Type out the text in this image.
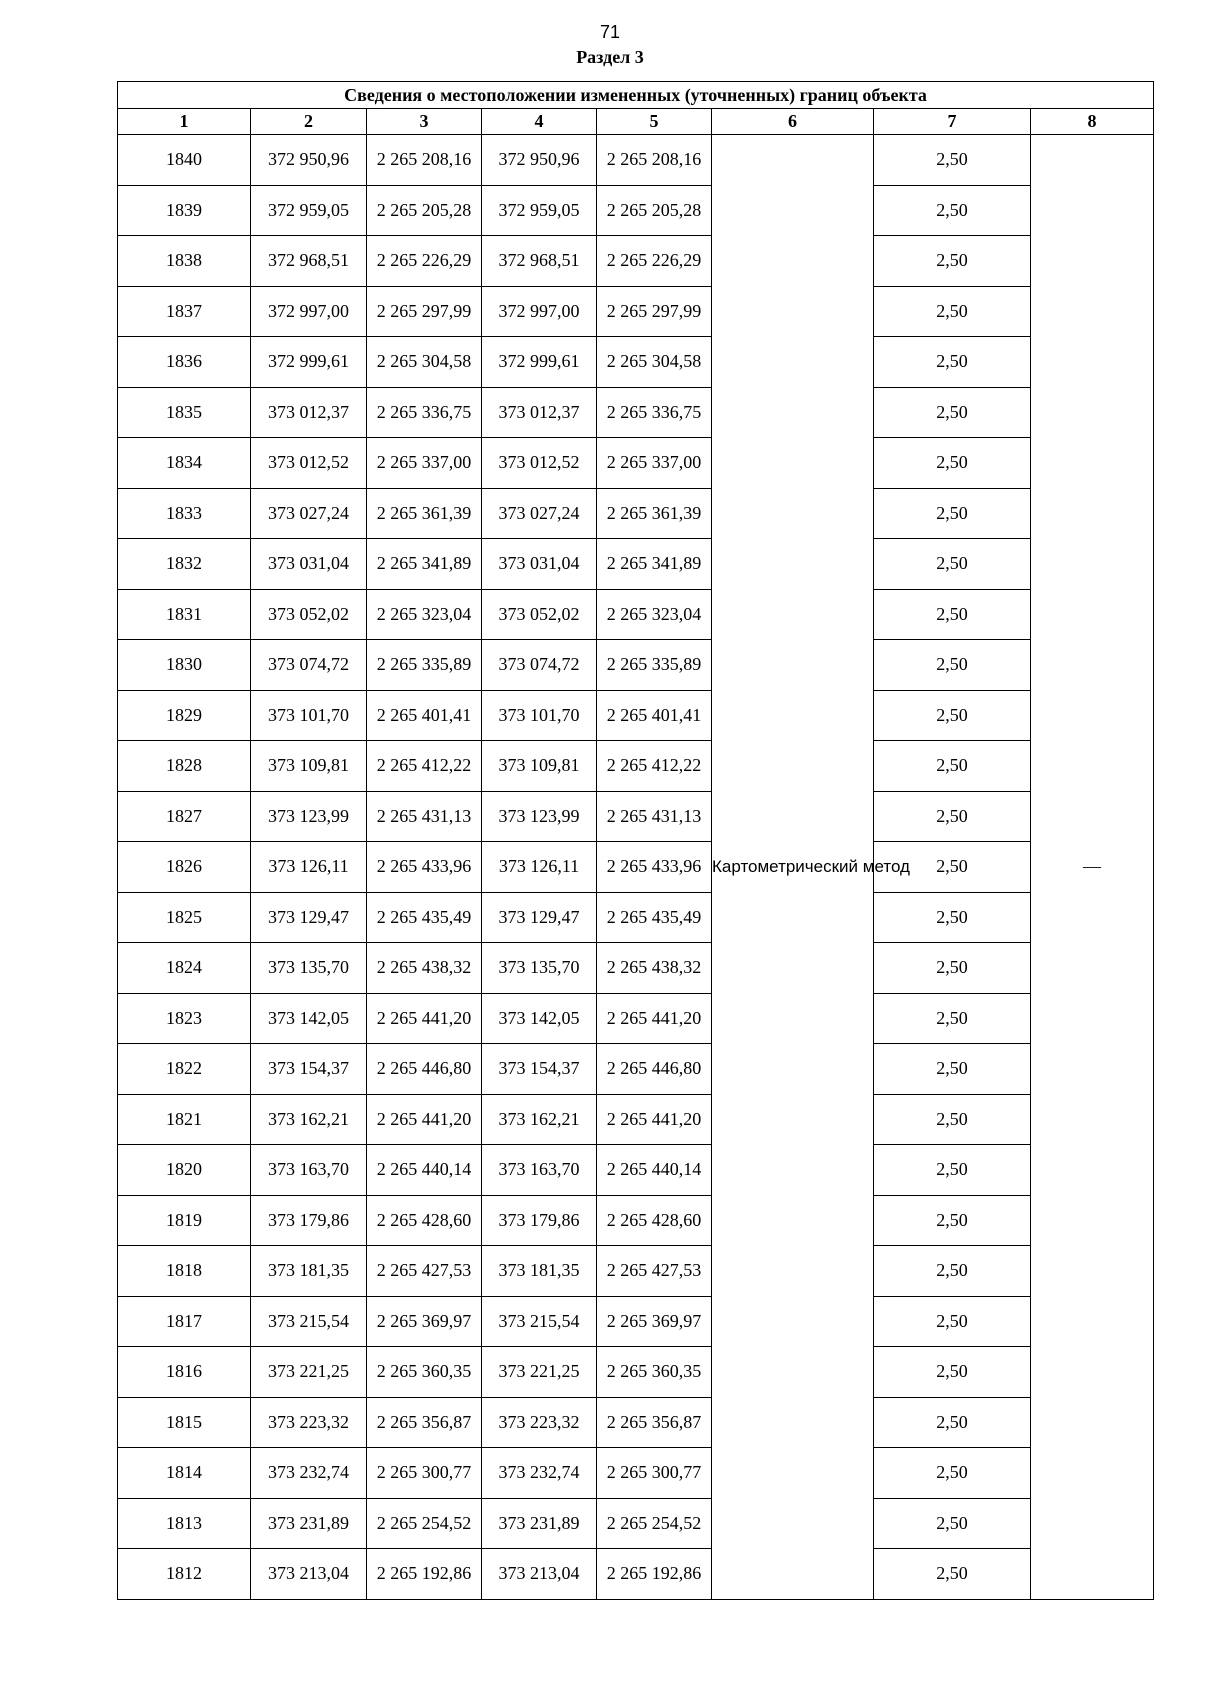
71
Раздел 3
Сведения о местоположении измененных (уточненных) границ объекта							
1	2	3	4	5	6	7	8
1840	372 950,96	2 265 208,16	372 950,96	2 265 208,16	Картометрический метод	2,50	—
1839	372 959,05	2 265 205,28	372 959,05	2 265 205,28		2,50	
1838	372 968,51	2 265 226,29	372 968,51	2 265 226,29		2,50	
1837	372 997,00	2 265 297,99	372 997,00	2 265 297,99		2,50	
1836	372 999,61	2 265 304,58	372 999,61	2 265 304,58		2,50	
1835	373 012,37	2 265 336,75	373 012,37	2 265 336,75		2,50	
1834	373 012,52	2 265 337,00	373 012,52	2 265 337,00		2,50	
1833	373 027,24	2 265 361,39	373 027,24	2 265 361,39		2,50	
1832	373 031,04	2 265 341,89	373 031,04	2 265 341,89		2,50	
1831	373 052,02	2 265 323,04	373 052,02	2 265 323,04		2,50	
1830	373 074,72	2 265 335,89	373 074,72	2 265 335,89		2,50	
1829	373 101,70	2 265 401,41	373 101,70	2 265 401,41		2,50	
1828	373 109,81	2 265 412,22	373 109,81	2 265 412,22		2,50	
1827	373 123,99	2 265 431,13	373 123,99	2 265 431,13		2,50	
1826	373 126,11	2 265 433,96	373 126,11	2 265 433,96		2,50	
1825	373 129,47	2 265 435,49	373 129,47	2 265 435,49		2,50	
1824	373 135,70	2 265 438,32	373 135,70	2 265 438,32		2,50	
1823	373 142,05	2 265 441,20	373 142,05	2 265 441,20		2,50	
1822	373 154,37	2 265 446,80	373 154,37	2 265 446,80		2,50	
1821	373 162,21	2 265 441,20	373 162,21	2 265 441,20		2,50	
1820	373 163,70	2 265 440,14	373 163,70	2 265 440,14		2,50	
1819	373 179,86	2 265 428,60	373 179,86	2 265 428,60		2,50	
1818	373 181,35	2 265 427,53	373 181,35	2 265 427,53		2,50	
1817	373 215,54	2 265 369,97	373 215,54	2 265 369,97		2,50	
1816	373 221,25	2 265 360,35	373 221,25	2 265 360,35		2,50	
1815	373 223,32	2 265 356,87	373 223,32	2 265 356,87		2,50	
1814	373 232,74	2 265 300,77	373 232,74	2 265 300,77		2,50	
1813	373 231,89	2 265 254,52	373 231,89	2 265 254,52		2,50	
1812	373 213,04	2 265 192,86	373 213,04	2 265 192,86		2,50	
